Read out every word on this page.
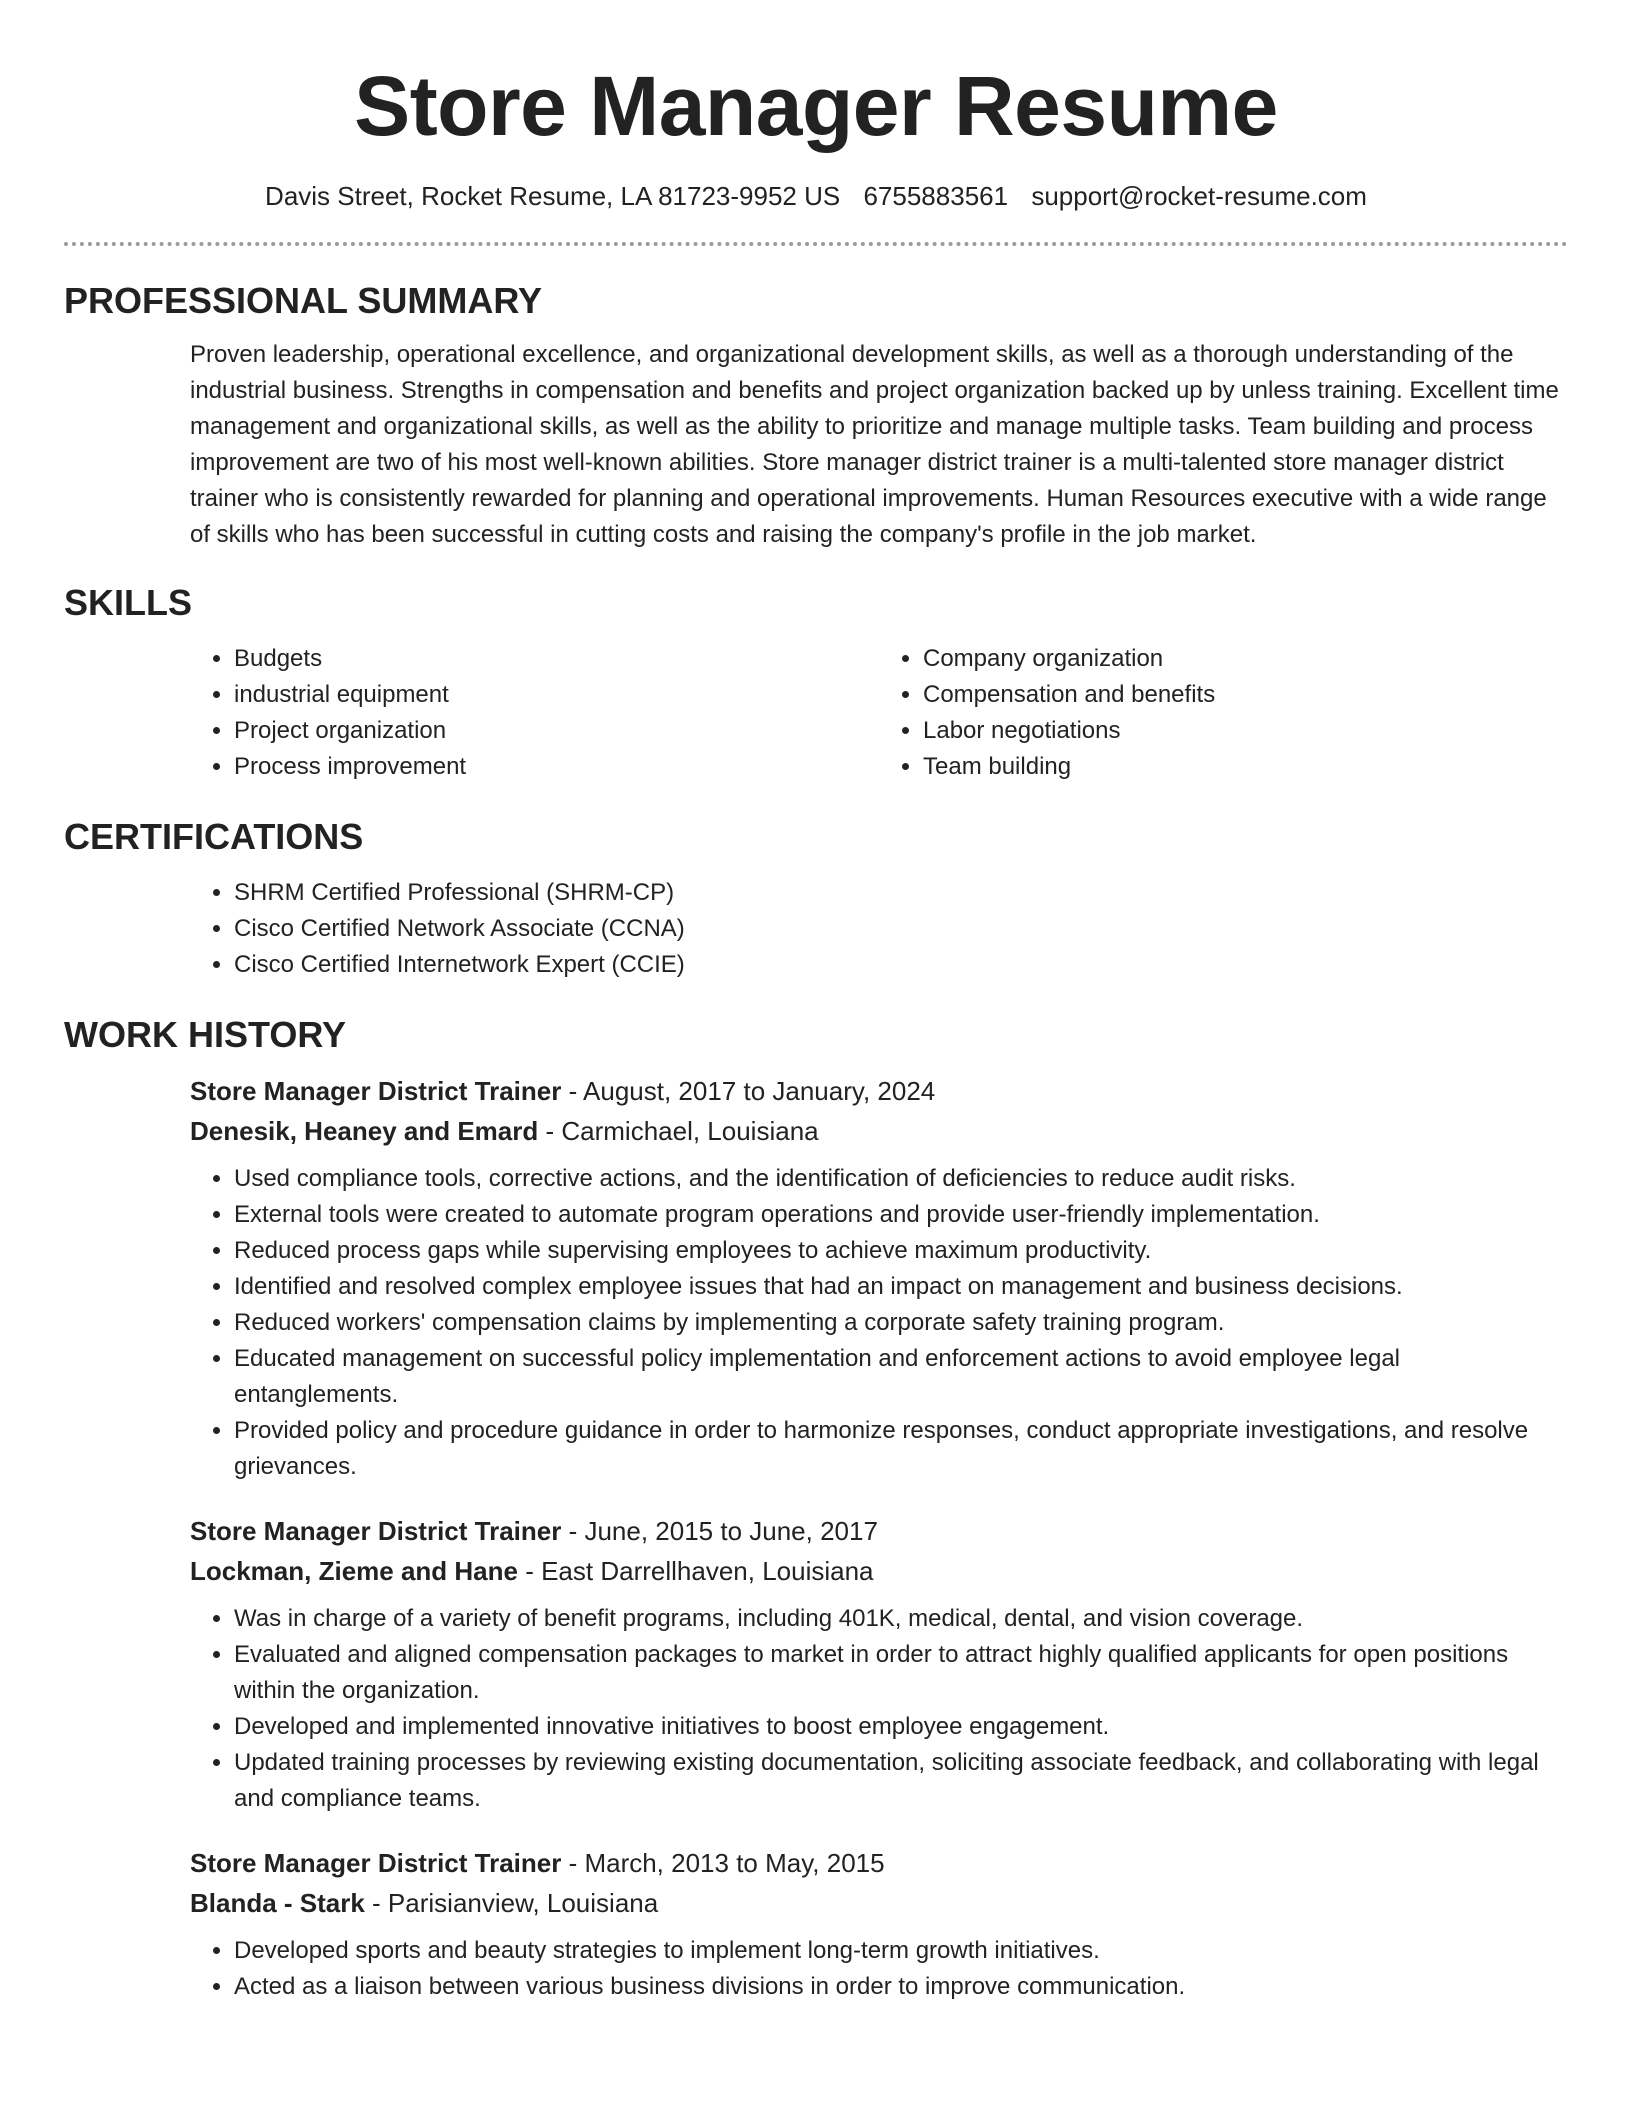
Store Manager Resume
Davis Street, Rocket Resume, LA 81723-9952 US 6755883561 support@rocket-resume.com
PROFESSIONAL SUMMARY

Proven leadership, operational excellence, and organizational development skills, as well as a thorough understanding of the industrial business. Strengths in compensation and benefits and project organization backed up by unless training. Excellent time management and organizational skills, as well as the ability to prioritize and manage multiple tasks. Team building and process improvement are two of his most well-known abilities. Store manager district trainer is a multi-talented store manager district trainer who is consistently rewarded for planning and operational improvements. Human Resources executive with a wide range of skills who has been successful in cutting costs and raising the company's profile in the job market.

SKILLS
• Budgets
• industrial equipment
• Project organization
• Process improvement
• Company organization
• Compensation and benefits
• Labor negotiations
• Team building
CERTIFICATIONS
• SHRM Certified Professional (SHRM-CP)
• Cisco Certified Network Associate (CCNA)
• Cisco Certified Internetwork Expert (CCIE)
WORK HISTORY
Store Manager District Trainer - August, 2017 to January, 2024
Denesik, Heaney and Emard - Carmichael, Louisiana
• Used compliance tools, corrective actions, and the identification of deficiencies to reduce audit risks.
• External tools were created to automate program operations and provide user-friendly implementation.
• Reduced process gaps while supervising employees to achieve maximum productivity.
• Identified and resolved complex employee issues that had an impact on management and business decisions.
• Reduced workers' compensation claims by implementing a corporate safety training program.
• Educated management on successful policy implementation and enforcement actions to avoid employee legal entanglements.
• Provided policy and procedure guidance in order to harmonize responses, conduct appropriate investigations, and resolve grievances.
Store Manager District Trainer - June, 2015 to June, 2017
Lockman, Zieme and Hane - East Darrellhaven, Louisiana
• Was in charge of a variety of benefit programs, including 401K, medical, dental, and vision coverage.
• Evaluated and aligned compensation packages to market in order to attract highly qualified applicants for open positions within the organization.
• Developed and implemented innovative initiatives to boost employee engagement.
• Updated training processes by reviewing existing documentation, soliciting associate feedback, and collaborating with legal and compliance teams.
Store Manager District Trainer - March, 2013 to May, 2015
Blanda - Stark - Parisianview, Louisiana
• Developed sports and beauty strategies to implement long-term growth initiatives.
• Acted as a liaison between various business divisions in order to improve communication.
